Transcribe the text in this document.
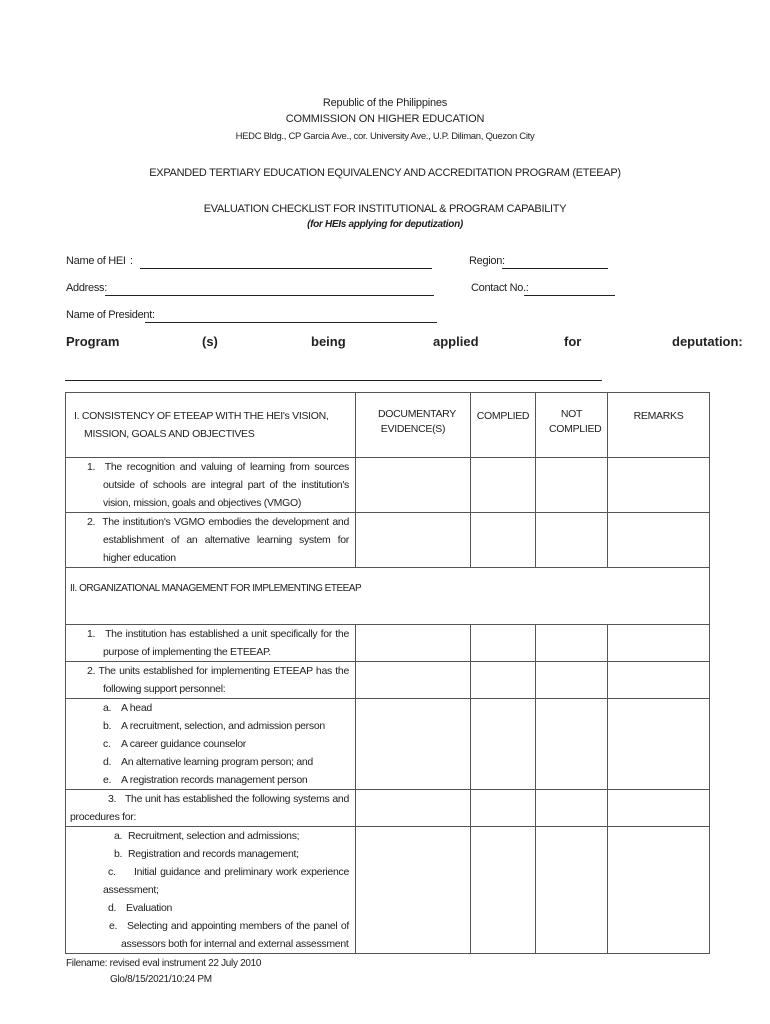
Republic of the Philippines
COMMISSION ON HIGHER EDUCATION
HEDC Bldg., CP Garcia Ave., cor. University Ave., U.P. Diliman, Quezon City
EXPANDED TERTIARY EDUCATION EQUIVALENCY AND ACCREDITATION PROGRAM (ETEEAP)
EVALUATION CHECKLIST FOR INSTITUTIONAL & PROGRAM CAPABILITY
(for HEIs applying for deputization)
Name of HEI :	Region:
Address:	Contact No.:
Name of President:
Program	(s)	being	applied	for	deputation:
I. CONSISTENCY OF ETEEAP WITH THE HEI's VISION, MISSION, GOALS AND OBJECTIVES	DOCUMENTARY EVIDENCE(S)	COMPLIED	NOT COMPLIED	REMARKS

1. The recognition and valuing of learning from sources outside of schools are integral part of the institution's vision, mission, goals and objectives (VMGO)				

2. The institution's VGMO embodies the development and establishment of an alternative learning system for higher education				

II. ORGANIZATIONAL MANAGEMENT FOR IMPLEMENTING ETEEAP				

1. The institution has established a unit specifically for the purpose of implementing the ETEEAP.				

2. The units established for implementing ETEEAP has the following support personnel:				

a. A head
b. A recruitment, selection, and admission person
c. A career guidance counselor
d. An alternative learning program person; and
e. A registration records management person				

3. The unit has established the following systems and procedures for:				

a. Recruitment, selection and admissions;
b. Registration and records management;
c. Initial guidance and preliminary work experience assessment;
d. Evaluation
e. Selecting and appointing members of the panel of assessors both for internal and external assessment				

Filename: revised eval instrument 22 July 2010
Glo/8/15/2021/10:24 PM
